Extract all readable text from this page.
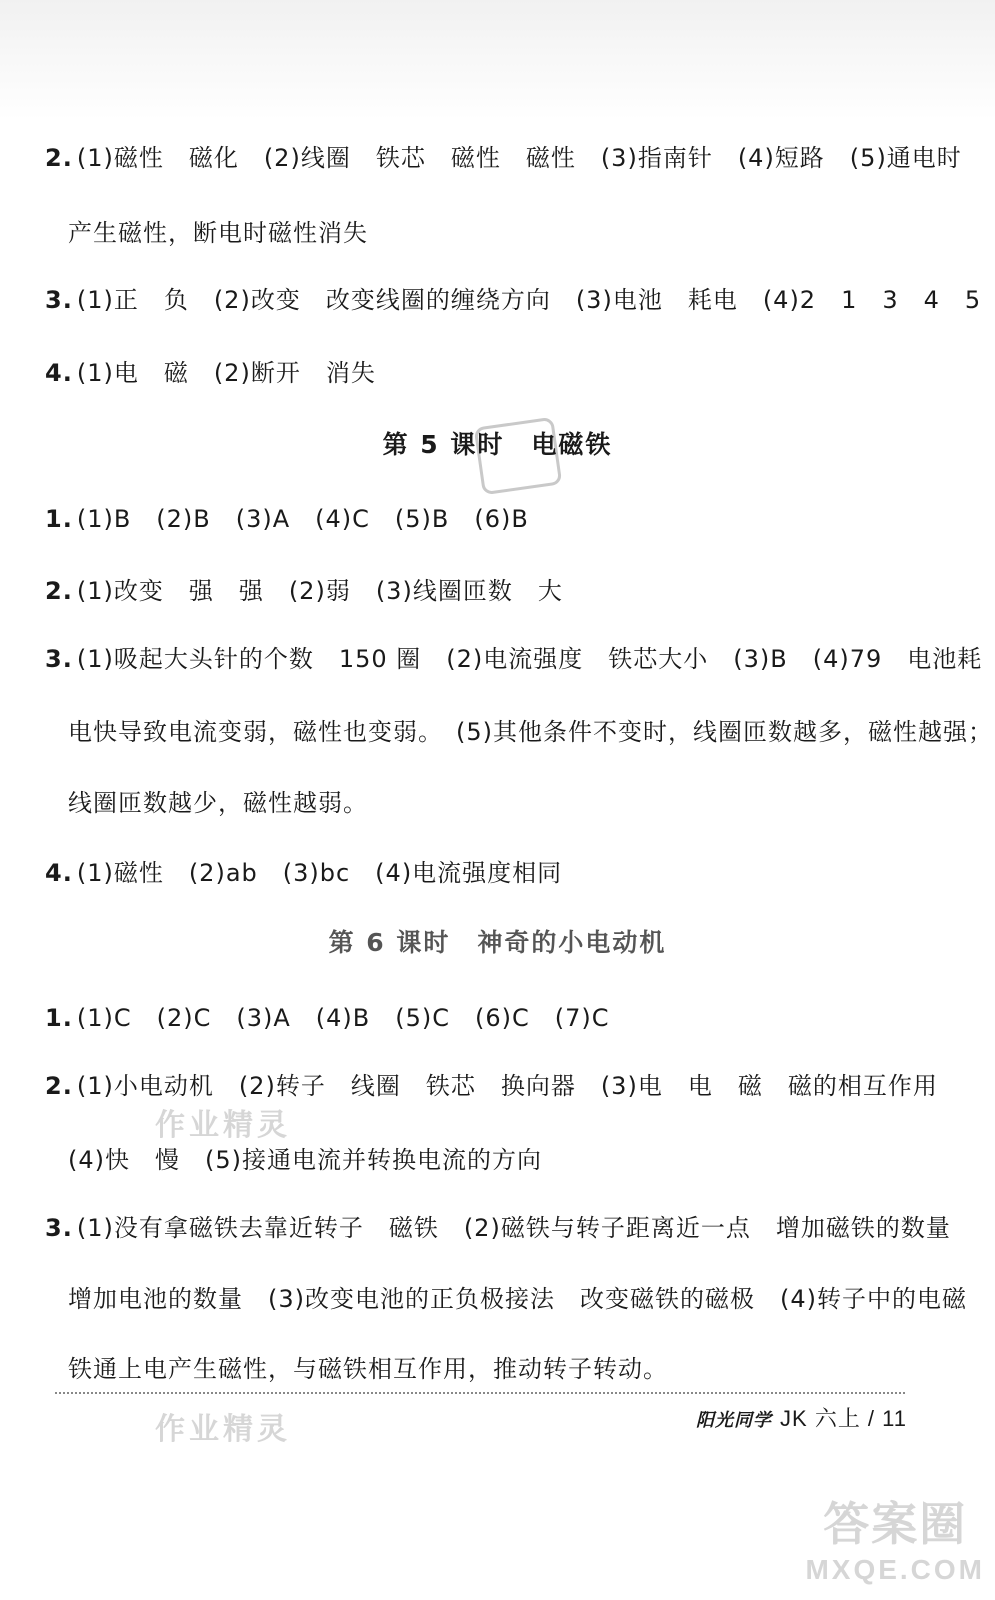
2. (1)磁性　磁化　(2)线圈　铁芯　磁性　磁性　(3)指南针　(4)短路　(5)通电时
产生磁性，断电时磁性消失
3. (1)正　负　(2)改变　改变线圈的缠绕方向　(3)电池　耗电　(4)2　1　3　4　5
4. (1)电　磁　(2)断开　消失
第 5 课时　电磁铁
1. (1)B　(2)B　(3)A　(4)C　(5)B　(6)B
2. (1)改变　强　强　(2)弱　(3)线圈匝数　大
3. (1)吸起大头针的个数　150 圈　(2)电流强度　铁芯大小　(3)B　(4)79　电池耗
电快导致电流变弱，磁性也变弱。　(5)其他条件不变时，线圈匝数越多，磁性越强；
线圈匝数越少，磁性越弱。
4. (1)磁性　(2)ab　(3)bc　(4)电流强度相同
第 6 课时　神奇的小电动机
1. (1)C　(2)C　(3)A　(4)B　(5)C　(6)C　(7)C
2. (1)小电动机　(2)转子　线圈　铁芯　换向器　(3)电　电　磁　磁的相互作用
作业精灵
(4)快　慢　(5)接通电流并转换电流的方向
3. (1)没有拿磁铁去靠近转子　磁铁　(2)磁铁与转子距离近一点　增加磁铁的数量
增加电池的数量　(3)改变电池的正负极接法　改变磁铁的磁极　(4)转子中的电磁
铁通上电产生磁性，与磁铁相互作用，推动转子转动。
作业精灵	阳光同学 JK 六上 / 11
答案圈
MXQE.COM
